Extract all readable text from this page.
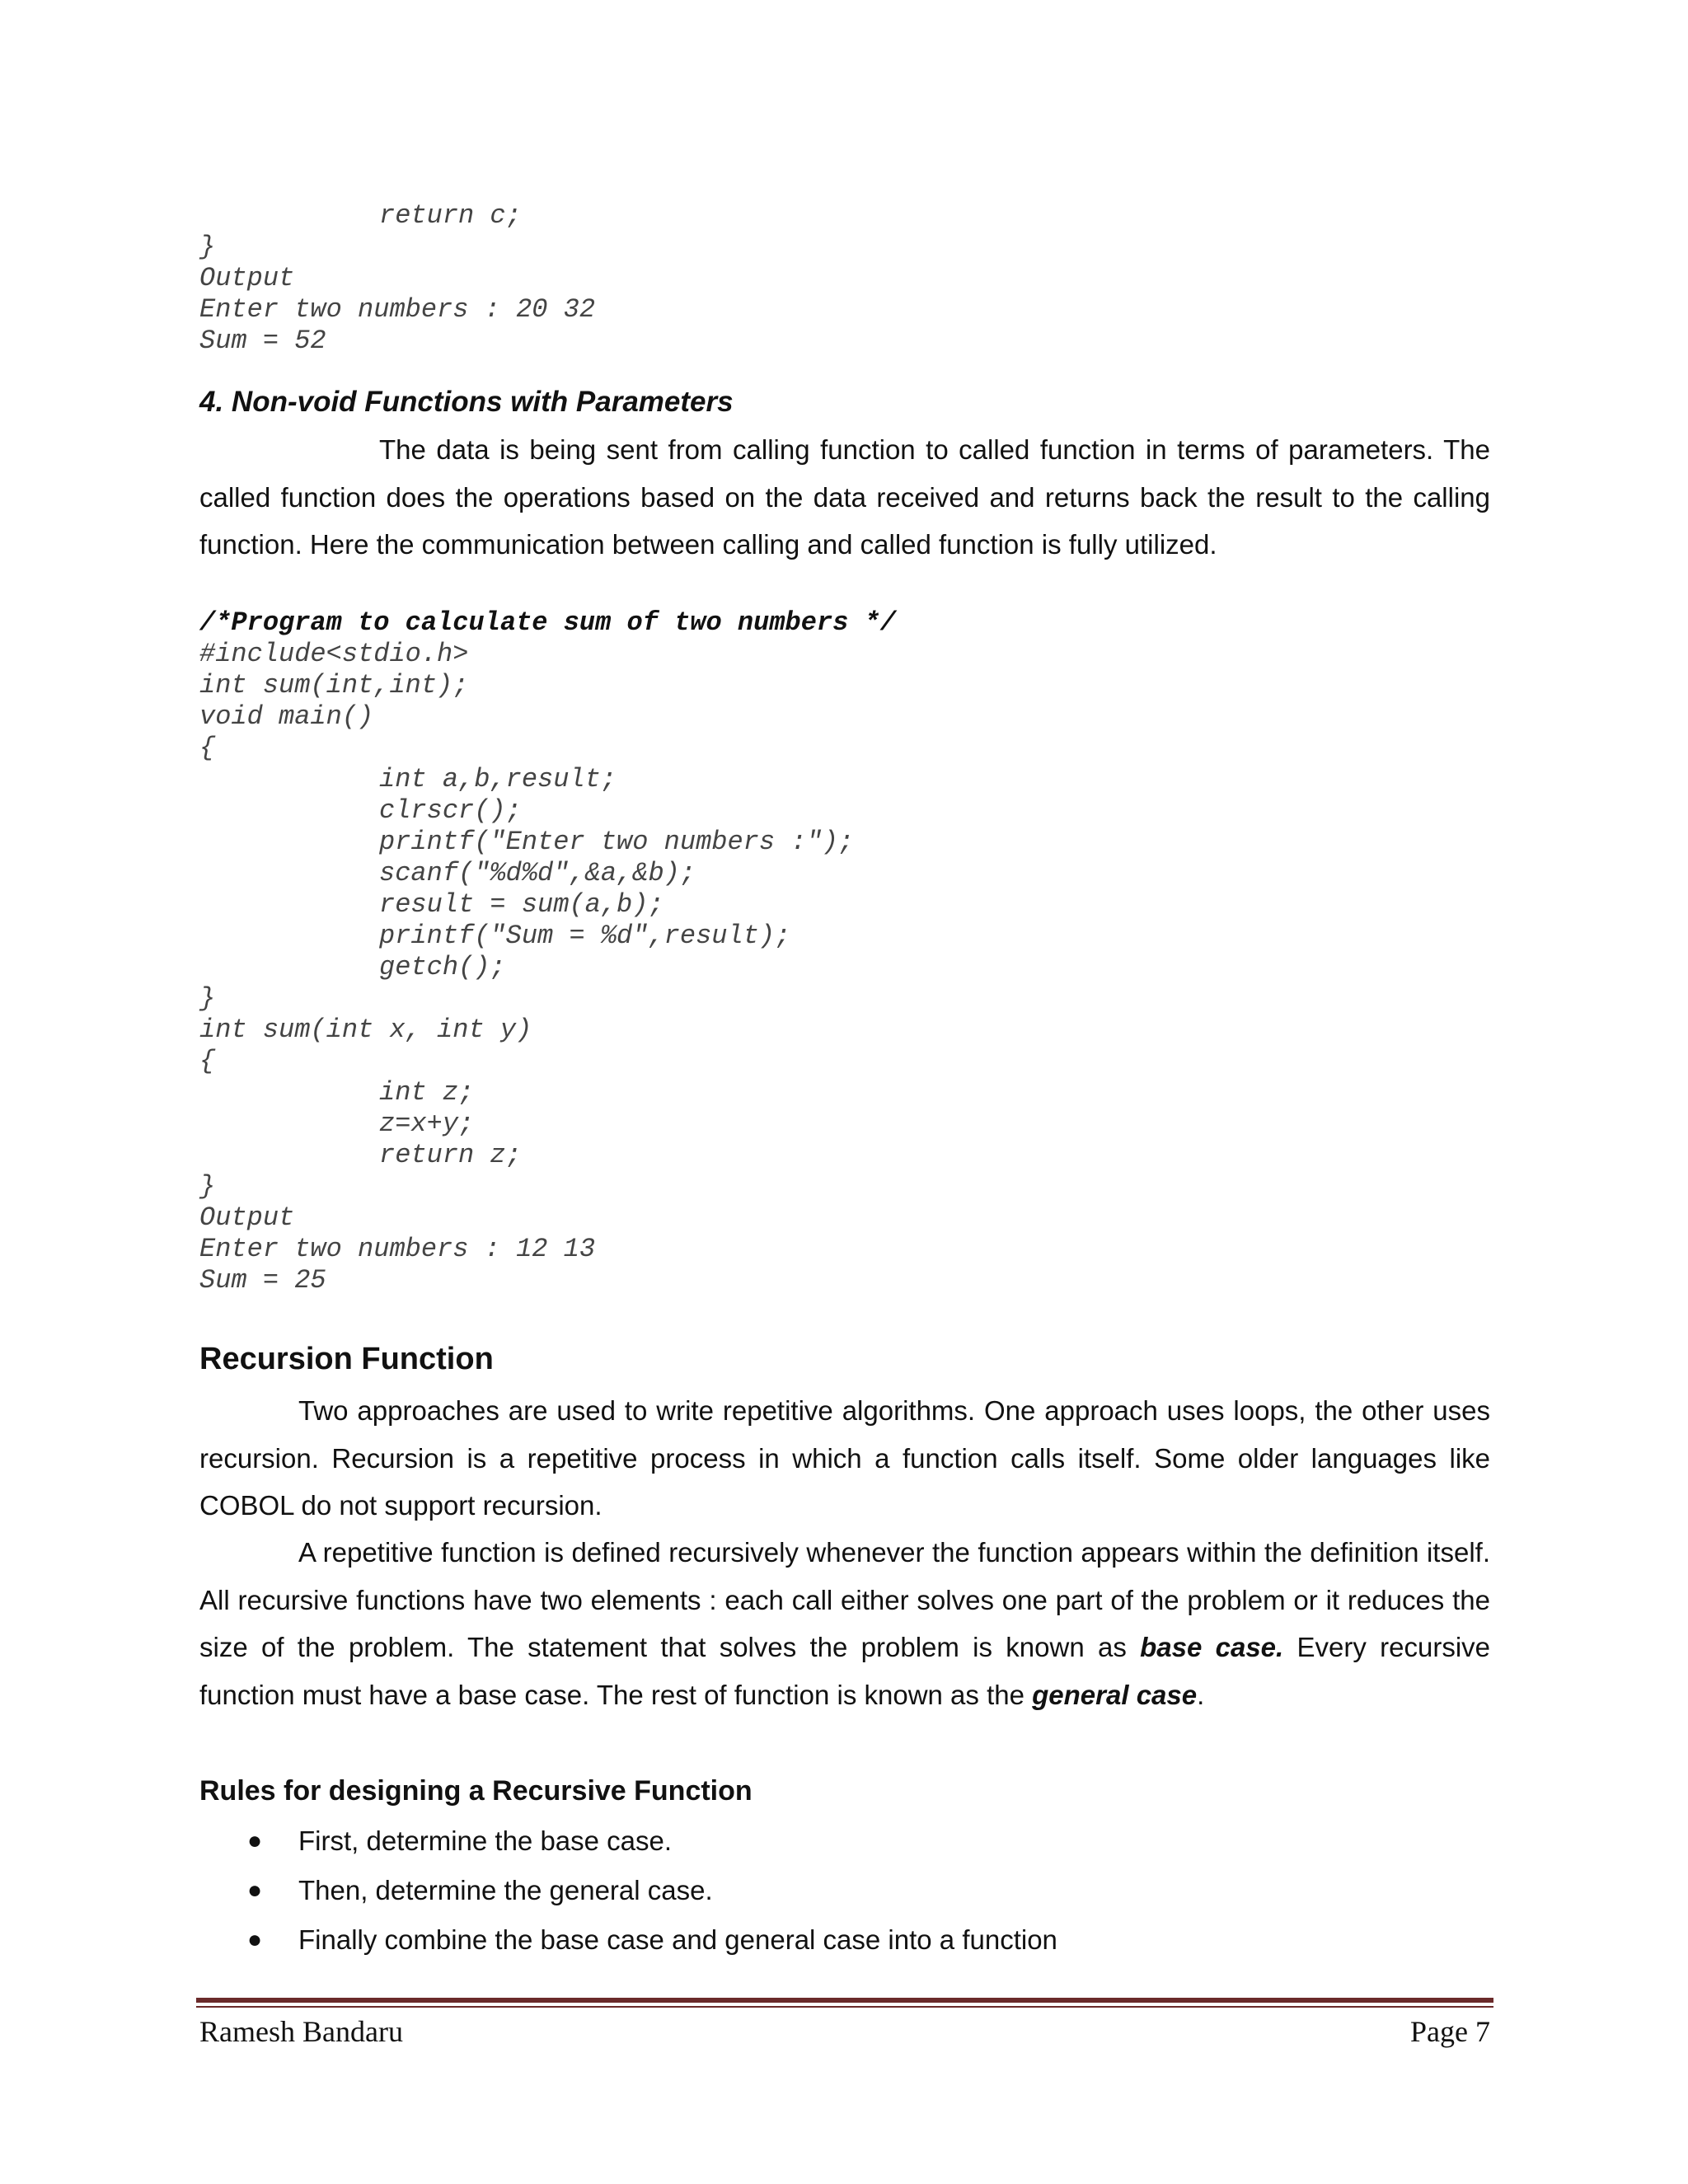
return c;
}
Output
Enter two numbers : 20 32
Sum = 52
4. Non-void Functions with Parameters

The data is being sent from calling function to called function in terms of parameters. The called function does the operations based on the data received and returns back the result to the calling function. Here the communication between calling and called function is fully utilized.

/*Program to calculate sum of two numbers */
#include<stdio.h>
int sum(int,int);
void main()
{
int a,b,result;
clrscr();
printf("Enter two numbers :");
scanf("%d%d",&a,&b);
result = sum(a,b);
printf("Sum = %d",result);
getch();
}
int sum(int x, int y)
{
int z;
z=x+y;
return z;
}
Output
Enter two numbers : 12 13
Sum = 25
Recursion Function

Two approaches are used to write repetitive algorithms. One approach uses loops, the other uses recursion. Recursion is a repetitive process in which a function calls itself. Some older languages like COBOL do not support recursion.

A repetitive function is defined recursively whenever the function appears within the definition itself. All recursive functions have two elements : each call either solves one part of the problem or it reduces the size of the problem. The statement that solves the problem is known as base case. Every recursive function must have a base case. The rest of function is known as the general case.

Rules for designing a Recursive Function
● First, determine the base case.
● Then, determine the general case.
● Finally combine the base case and general case into a function
Ramesh Bandaru	Page 7
